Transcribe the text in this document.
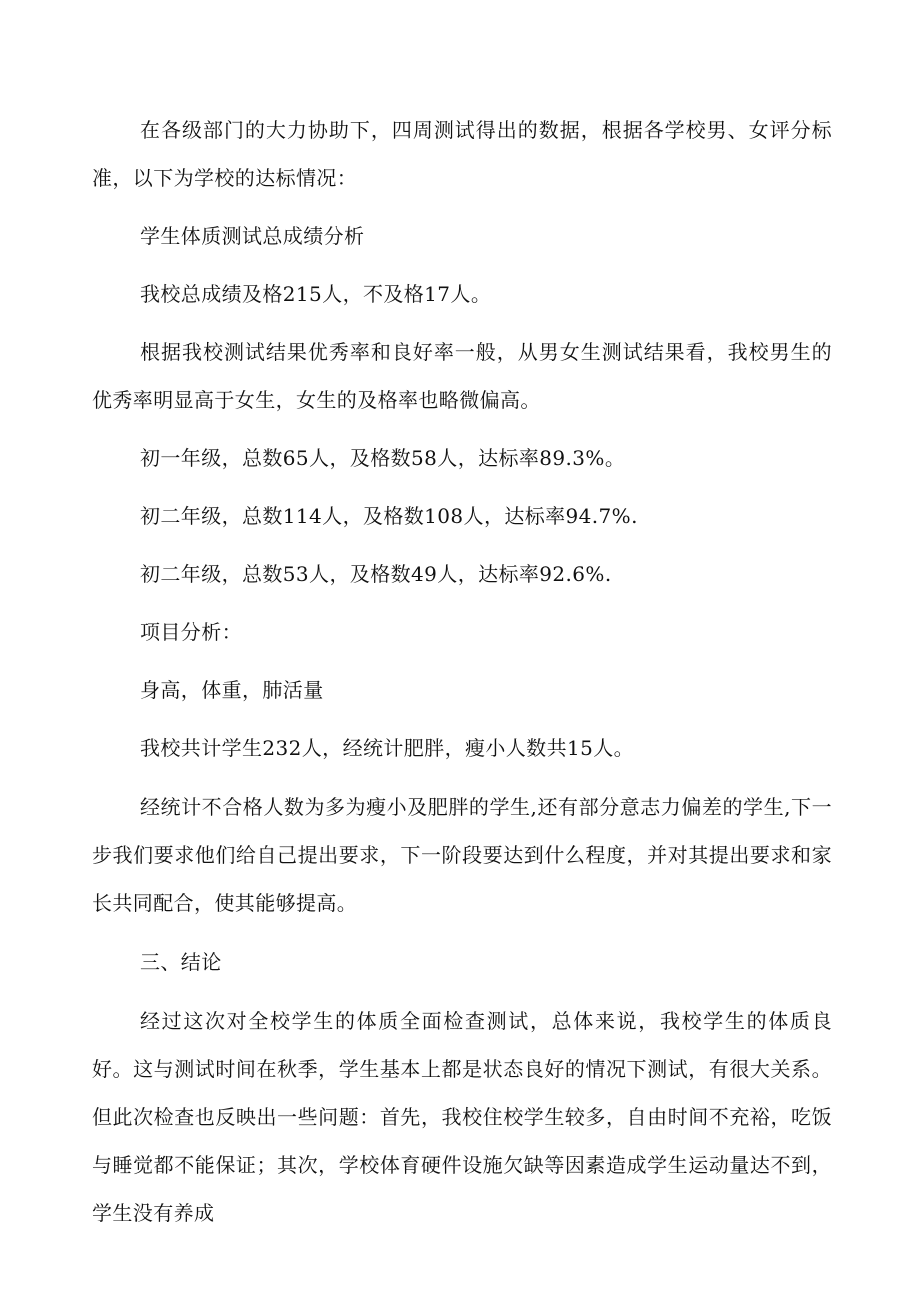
在各级部门的大力协助下，四周测试得出的数据，根据各学校男、女评分标准，以下为学校的达标情况：

学生体质测试总成绩分析

我校总成绩及格215人，不及格17人。

根据我校测试结果优秀率和良好率一般，从男女生测试结果看，我校男生的优秀率明显高于女生，女生的及格率也略微偏高。

初一年级，总数65人，及格数58人，达标率89.3%。

初二年级，总数114人，及格数108人，达标率94.7%.

初二年级，总数53人，及格数49人，达标率92.6%.

项目分析：

身高，体重，肺活量

我校共计学生232人，经统计肥胖，瘦小人数共15人。

经统计不合格人数为多为瘦小及肥胖的学生,还有部分意志力偏差的学生,下一步我们要求他们给自己提出要求，下一阶段要达到什么程度，并对其提出要求和家长共同配合，使其能够提高。

三、结论

经过这次对全校学生的体质全面检查测试，总体来说，我校学生的体质良好。这与测试时间在秋季，学生基本上都是状态良好的情况下测试，有很大关系。但此次检查也反映出一些问题：首先，我校住校学生较多，自由时间不充裕，吃饭与睡觉都不能保证；其次，学校体育硬件设施欠缺等因素造成学生运动量达不到，学生没有养成
